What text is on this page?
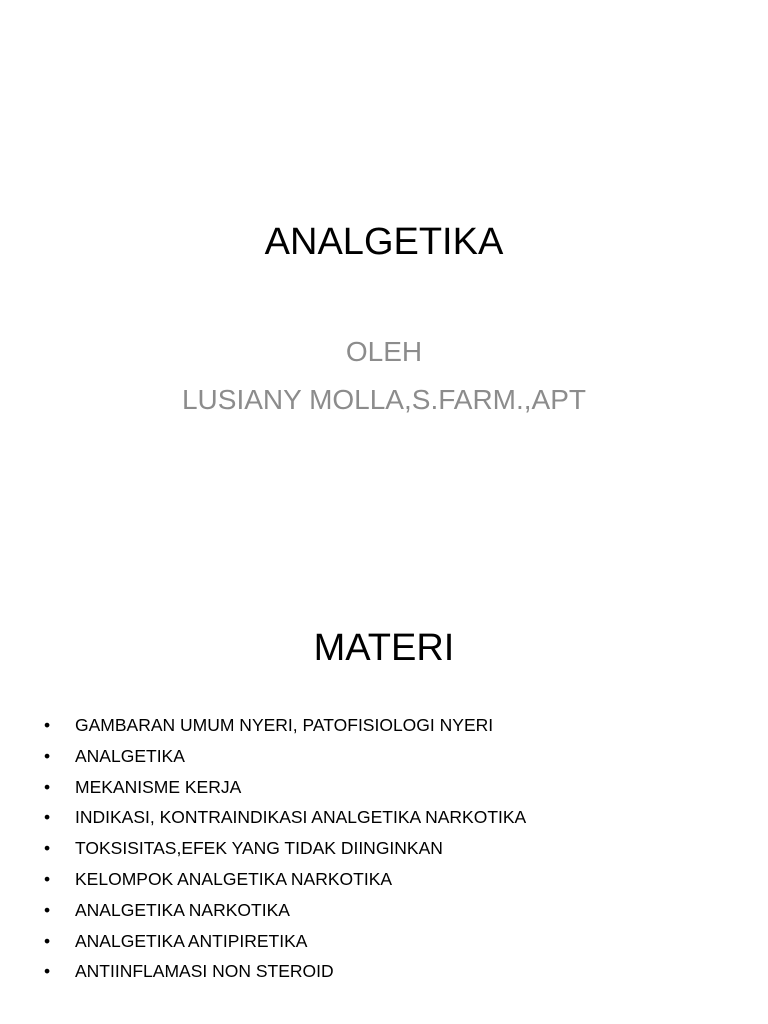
ANALGETIKA
OLEH
LUSIANY MOLLA,S.FARM.,APT
MATERI
• GAMBARAN UMUM NYERI, PATOFISIOLOGI NYERI
• ANALGETIKA
• MEKANISME KERJA
• INDIKASI, KONTRAINDIKASI ANALGETIKA NARKOTIKA
• TOKSISITAS,EFEK YANG TIDAK DIINGINKAN
• KELOMPOK ANALGETIKA NARKOTIKA
• ANALGETIKA NARKOTIKA
• ANALGETIKA ANTIPIRETIKA
• ANTIINFLAMASI NON STEROID
